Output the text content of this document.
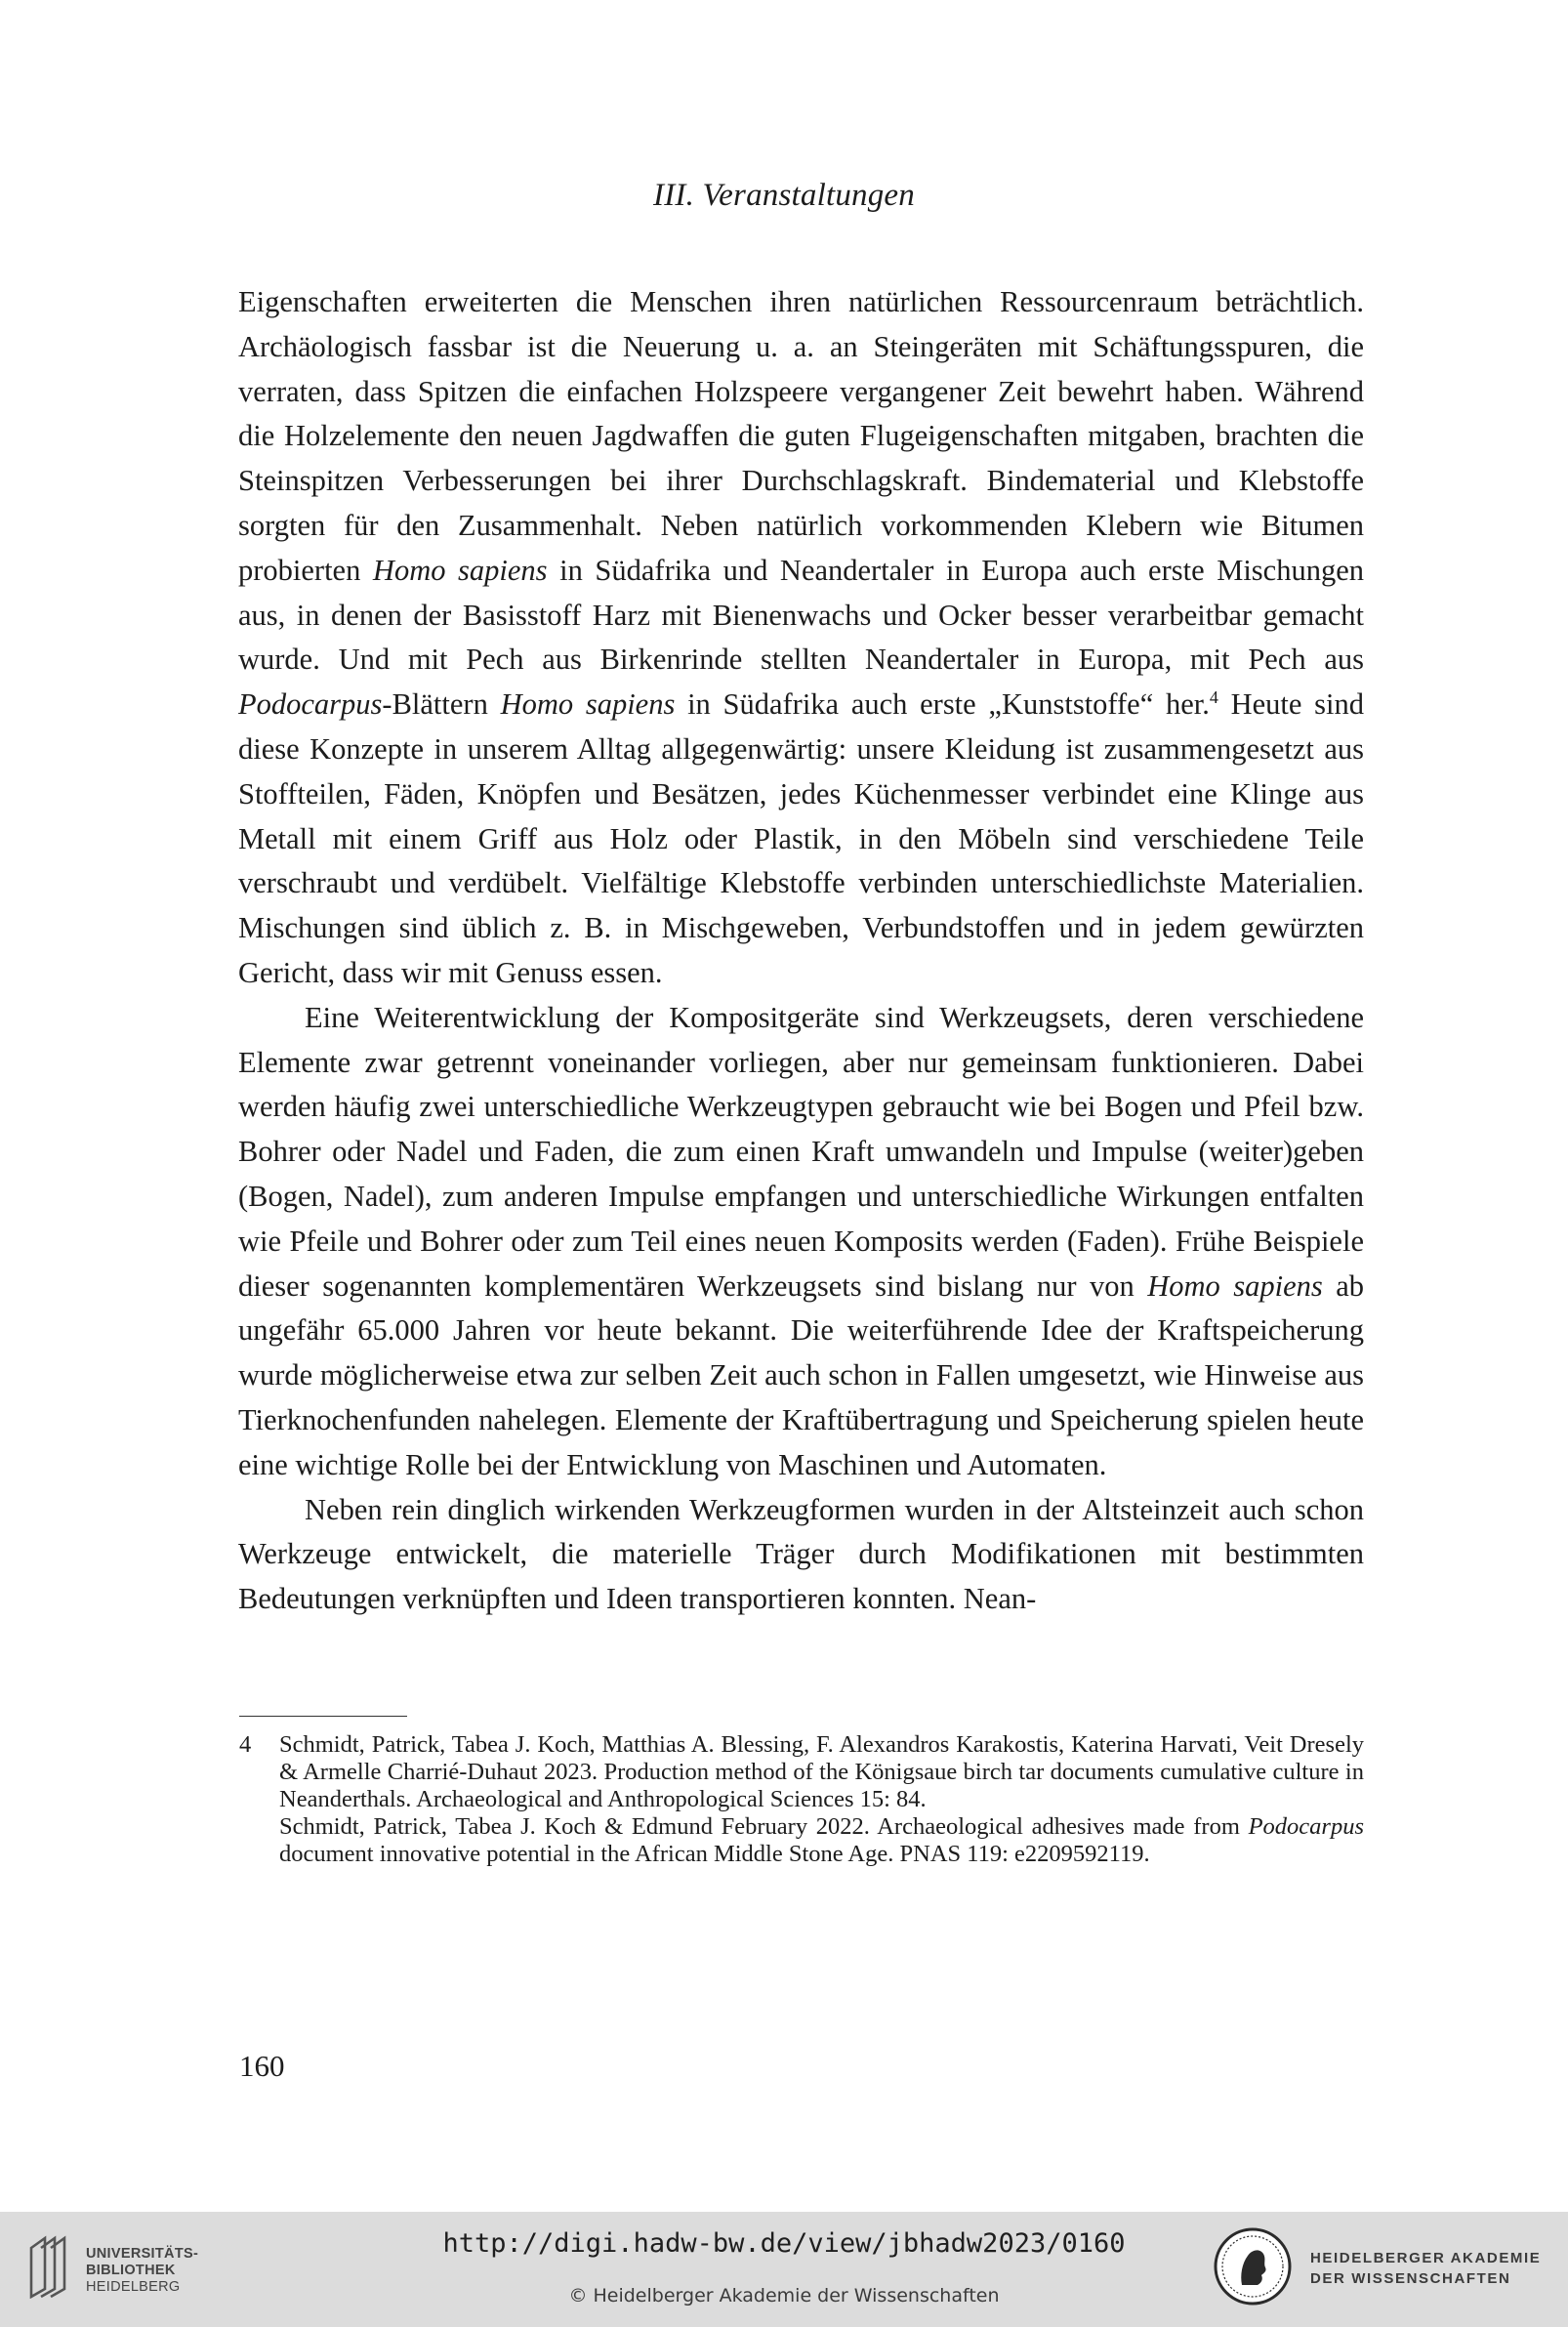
III. Veranstaltungen

Eigenschaften erweiterten die Menschen ihren natürlichen Ressourcenraum beträchtlich. Archäologisch fassbar ist die Neuerung u. a. an Steingeräten mit Schäftungsspuren, die verraten, dass Spitzen die einfachen Holzspeere vergangener Zeit bewehrt haben. Während die Holzelemente den neuen Jagdwaffen die guten Flugeigenschaften mitgaben, brachten die Steinspitzen Verbesserungen bei ihrer Durchschlagskraft. Bindematerial und Klebstoffe sorgten für den Zusammenhalt. Neben natürlich vorkommenden Klebern wie Bitumen probierten Homo sapiens in Südafrika und Neandertaler in Europa auch erste Mischungen aus, in denen der Basisstoff Harz mit Bienenwachs und Ocker besser verarbeitbar gemacht wurde. Und mit Pech aus Birkenrinde stellten Neandertaler in Europa, mit Pech aus Podocarpus-Blättern Homo sapiens in Südafrika auch erste „Kunststoffe“ her.$^4$ Heute sind diese Konzepte in unserem Alltag allgegenwärtig: unsere Kleidung ist zusammengesetzt aus Stoffteilen, Fäden, Knöpfen und Besätzen, jedes Küchenmesser verbindet eine Klinge aus Metall mit einem Griff aus Holz oder Plastik, in den Möbeln sind verschiedene Teile verschraubt und verdübelt. Vielfältige Klebstoffe verbinden unterschiedlichste Materialien. Mischungen sind üblich z. B. in Mischgeweben, Verbundstoffen und in jedem gewürzten Gericht, dass wir mit Genuss essen.

Eine Weiterentwicklung der Kompositgeräte sind Werkzeugsets, deren verschiedene Elemente zwar getrennt voneinander vorliegen, aber nur gemeinsam funktionieren. Dabei werden häufig zwei unterschiedliche Werkzeugtypen gebraucht wie bei Bogen und Pfeil bzw. Bohrer oder Nadel und Faden, die zum einen Kraft umwandeln und Impulse (weiter)geben (Bogen, Nadel), zum anderen Impulse empfangen und unterschiedliche Wirkungen entfalten wie Pfeile und Bohrer oder zum Teil eines neuen Komposits werden (Faden). Frühe Beispiele dieser sogenannten komplementären Werkzeugsets sind bislang nur von Homo sapiens ab ungefähr 65.000 Jahren vor heute bekannt. Die weiterführende Idee der Kraftspeicherung wurde möglicherweise etwa zur selben Zeit auch schon in Fallen umgesetzt, wie Hinweise aus Tierknochenfunden nahelegen. Elemente der Kraftübertragung und Speicherung spielen heute eine wichtige Rolle bei der Entwicklung von Maschinen und Automaten.

Neben rein dinglich wirkenden Werkzeugformen wurden in der Altsteinzeit auch schon Werkzeuge entwickelt, die materielle Träger durch Modifikationen mit bestimmten Bedeutungen verknüpften und Ideen transportieren konnten. Nean-

4	Schmidt, Patrick, Tabea J. Koch, Matthias A. Blessing, F. Alexandros Karakostis, Katerina Harvati, Veit Dresely & Armelle Charrié-Duhaut 2023. Production method of the Königsaue birch tar documents cumulative culture in Neanderthals. Archaeological and Anthropological Sciences 15: 84.

Schmidt, Patrick, Tabea J. Koch & Edmund February 2022. Archaeological adhesives made from Podocarpus document innovative potential in the African Middle Stone Age. PNAS 119: e2209592119.

160
UNIVERSITÄTS-
BIBLIOTHEK
HEIDELBERG
http://digi.hadw-bw.de/view/jbhadw2023/0160
© Heidelberger Akademie der Wissenschaften
HEIDELBERGER AKADEMIE
DER WISSENSCHAFTEN
